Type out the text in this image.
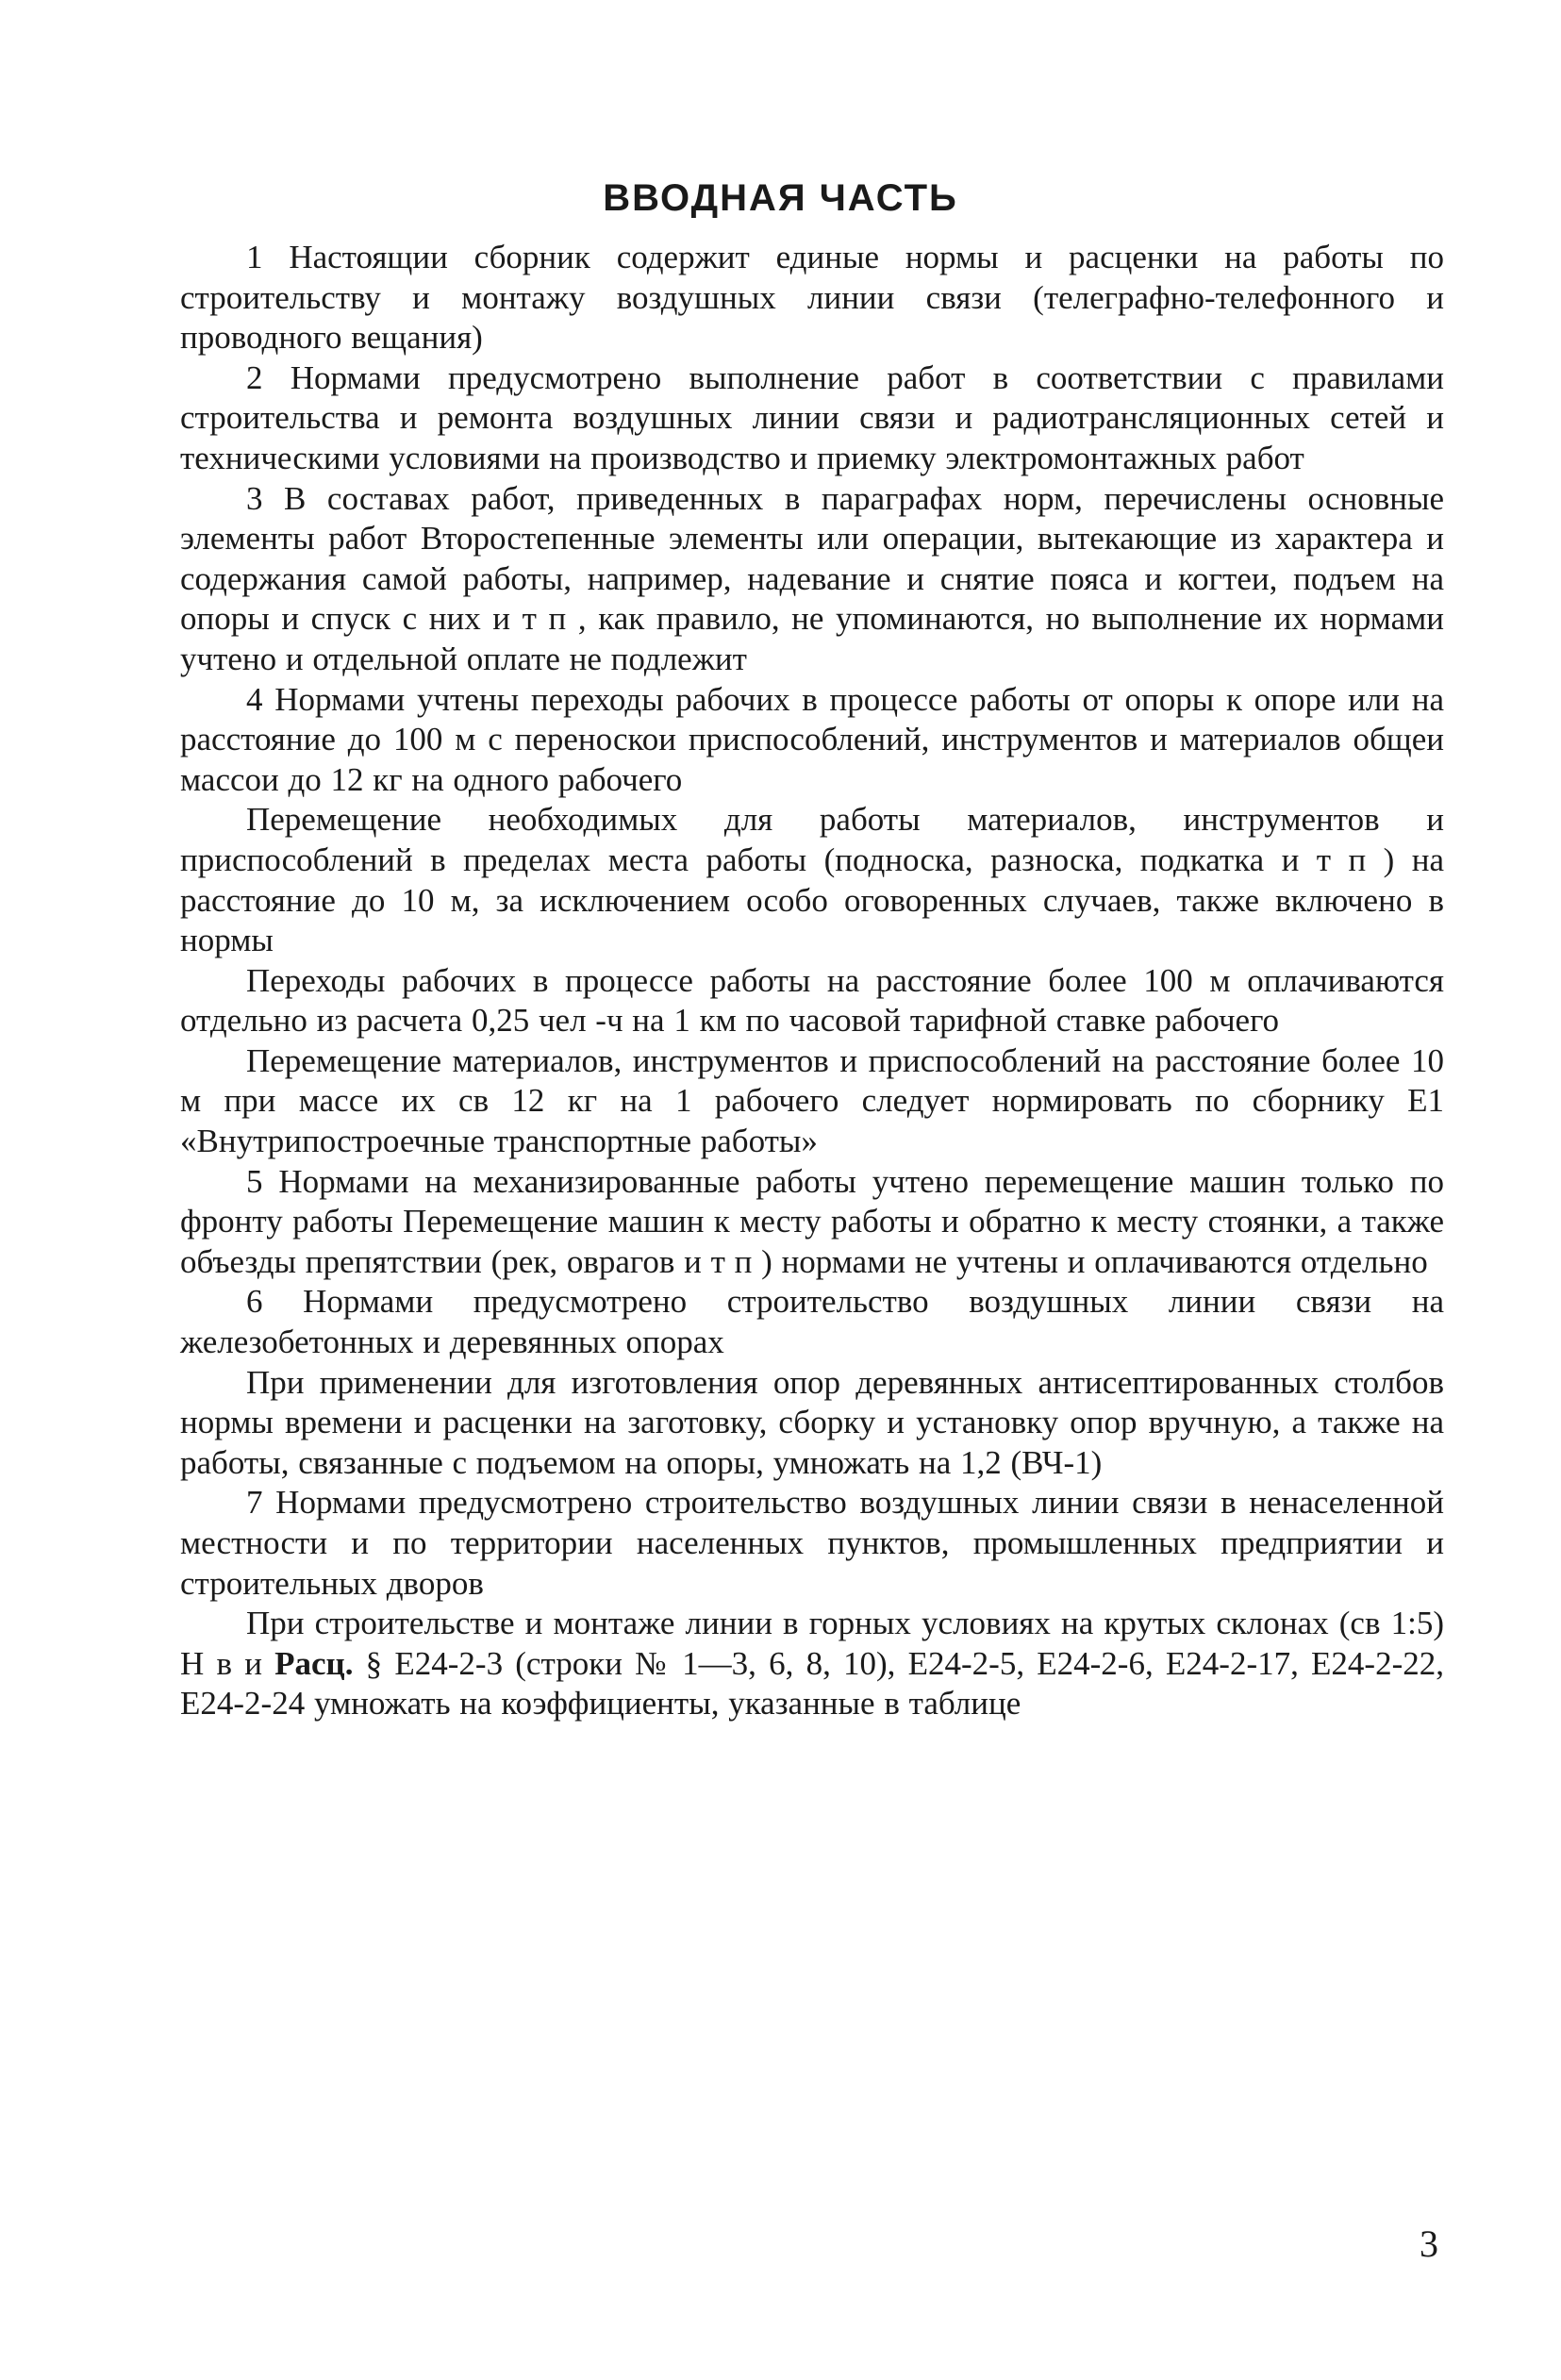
ВВОДНАЯ ЧАСТЬ

1 Настоящии сборник содержит единые нормы и расценки на работы по строительству и монтажу воздушных линии связи (телеграфно-телефонного и проводного вещания)

2 Нормами предусмотрено выполнение работ в соответствии с правилами строительства и ремонта воздушных линии связи и радиотрансляционных сетей и техническими условиями на производство и приемку электромонтажных работ

3 В составах работ, приведенных в параграфах норм, перечислены основные элементы работ Второстепенные элементы или операции, вытекающие из характера и содержания самой работы, например, надевание и снятие пояса и когтеи, подъем на опоры и спуск с них и т п , как правило, не упоминаются, но выполнение их нормами учтено и отдельной оплате не подлежит

4 Нормами учтены переходы рабочих в процессе работы от опоры к опоре или на расстояние до 100 м с переноскои приспособлений, инструментов и материалов общеи массои до 12 кг на одного рабочего

Перемещение необходимых для работы материалов, инструментов и приспособлений в пределах места работы (подноска, разноска, подкатка и т п ) на расстояние до 10 м, за исключением особо оговоренных случаев, также включено в нормы

Переходы рабочих в процессе работы на расстояние более 100 м оплачиваются отдельно из расчета 0,25 чел -ч на 1 км по часовой тарифной ставке рабочего

Перемещение материалов, инструментов и приспособлений на расстояние более 10 м при массе их св 12 кг на 1 рабочего следует нормировать по сборнику Е1 «Внутрипостроечные транспортные работы»

5 Нормами на механизированные работы учтено перемещение машин только по фронту работы Перемещение машин к месту работы и обратно к месту стоянки, а также объезды препятствии (рек, оврагов и т п ) нормами не учтены и оплачиваются отдельно

6 Нормами предусмотрено строительство воздушных линии связи на железобетонных и деревянных опорах

При применении для изготовления опор деревянных антисептированных столбов нормы времени и расценки на заготовку, сборку и установку опор вручную, а также на работы, связанные с подъемом на опоры, умножать на 1,2 (ВЧ-1)

7 Нормами предусмотрено строительство воздушных линии связи в ненаселенной местности и по территории населенных пунктов, промышленных предприятии и строительных дворов

При строительстве и монтаже линии в горных условиях на крутых склонах (св 1:5) Н в и Расц. § Е24-2-3 (строки № 1—3, 6, 8, 10), Е24-2-5, Е24-2-6, Е24-2-17, Е24-2-22, Е24-2-24 умножать на коэффициенты, указанные в таблице

3
